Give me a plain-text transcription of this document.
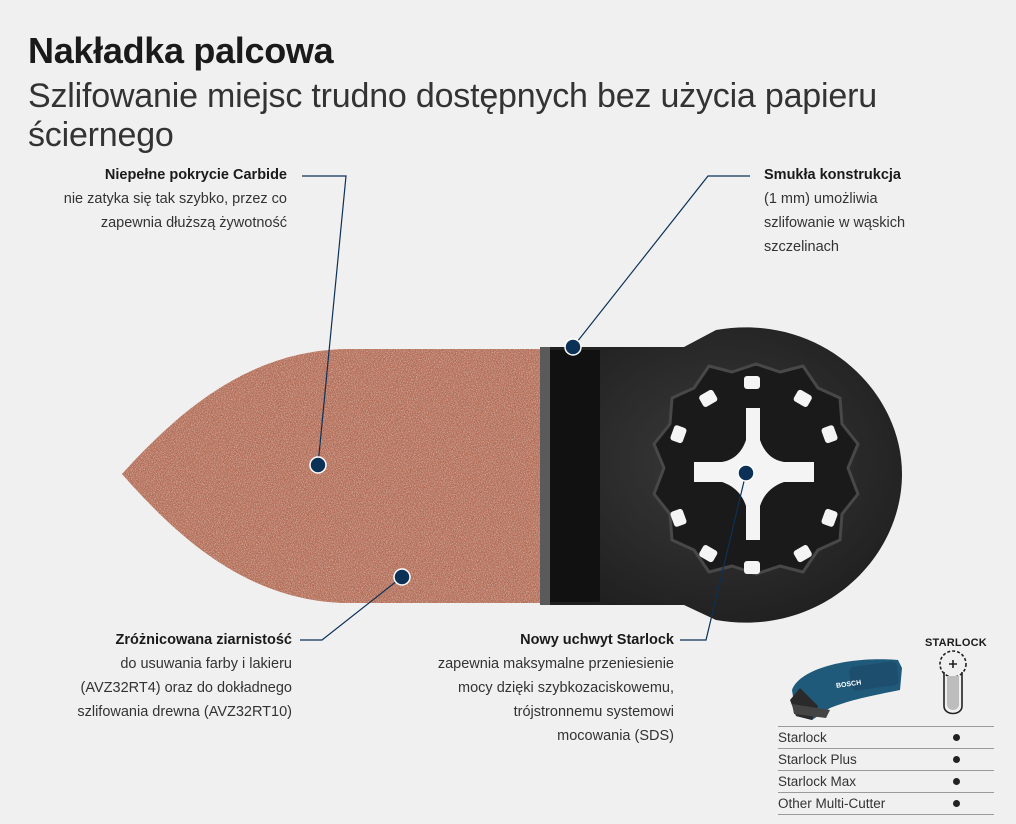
Nakładka palcowa
Szlifowanie miejsc trudno dostępnych bez użycia papieru ściernego
BOSCH
Niepełne pokrycie Carbide
nie zatyka się tak szybko, przez co
zapewnia dłuższą żywotność
Smukła konstrukcja
(1 mm) umożliwia
szlifowanie w wąskich
szczelinach
Zróżnicowana ziarnistość
do usuwania farby i lakieru
(AVZ32RT4) oraz do dokładnego
szlifowania drewna (AVZ32RT10)
Nowy uchwyt Starlock
zapewnia maksymalne przeniesienie
mocy dzięki szybkozaciskowemu,
trójstronnemu systemowi
mocowania (SDS)
STARLOCK
Starlock
Starlock Plus
Starlock Max
Other Multi-Cutter
